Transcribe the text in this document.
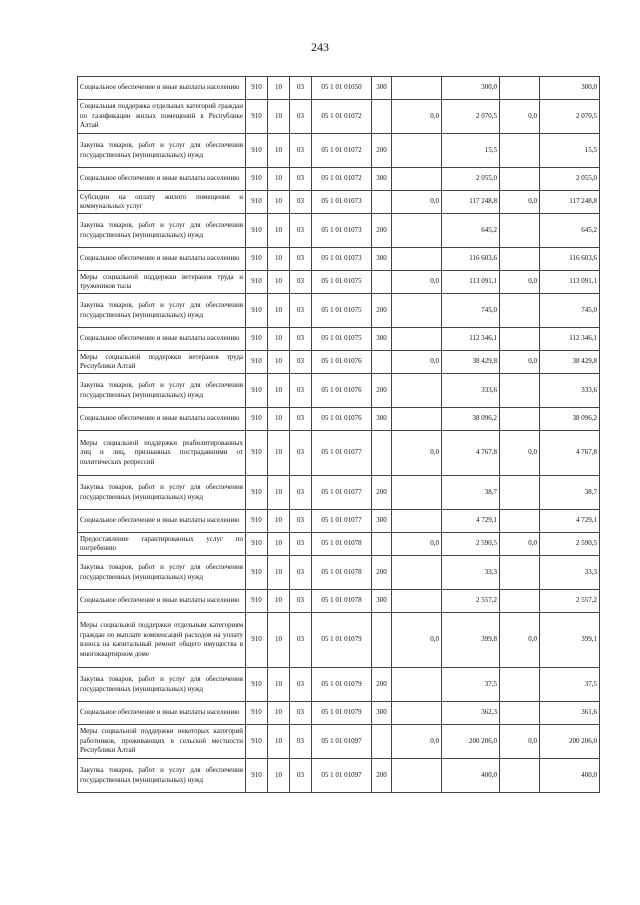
243
Социальное обеспечение и иные выплаты населению	910	10	03	05 1 01 01050	300		300,0		300,0
Социальная поддержка отдельных категорий граждан по газификации жилых помещений в Республике Алтай	910	10	03	05 1 01 01072		0,0	2 070,5	0,0	2 070,5
Закупка товаров, работ и услуг для обеспечения государственных (муниципальных) нужд	910	10	03	05 1 01 01072	200		15,5		15,5
Социальное обеспечение и иные выплаты населению	910	10	03	05 1 01 01072	300		2 055,0		2 055,0
Субсидии на оплату жилого помещения и коммунальных услуг	910	10	03	05 1 01 01073		0,0	117 248,8	0,0	117 248,8
Закупка товаров, работ и услуг для обеспечения государственных (муниципальных) нужд	910	10	03	05 1 01 01073	200		645,2		645,2
Социальное обеспечение и иные выплаты населению	910	10	03	05 1 01 01073	300		116 603,6		116 603,6
Меры социальной поддержки ветеранов труда и тружеников тыла	910	10	03	05 1 01 01075		0,0	113 091,1	0,0	113 091,1
Закупка товаров, работ и услуг для обеспечения государственных (муниципальных) нужд	910	10	03	05 1 01 01075	200		745,0		745,0
Социальное обеспечение и иные выплаты населению	910	10	03	05 1 01 01075	300		112 346,1		112 346,1
Меры социальной поддержки ветеранов труда Республики Алтай	910	10	03	05 1 01 01076		0,0	38 429,8	0,0	38 429,8
Закупка товаров, работ и услуг для обеспечения государственных (муниципальных) нужд	910	10	03	05 1 01 01076	200		333,6		333,6
Социальное обеспечение и иные выплаты населению	910	10	03	05 1 01 01076	300		38 096,2		38 096,2
Меры социальной поддержки реабилитированных лиц и лиц, признанных пострадавшими от политических репрессий	910	10	03	05 1 01 01077		0,0	4 767,8	0,0	4 767,8
Закупка товаров, работ и услуг для обеспечения государственных (муниципальных) нужд	910	10	03	05 1 01 01077	200		38,7		38,7
Социальное обеспечение и иные выплаты населению	910	10	03	05 1 01 01077	300		4 729,1		4 729,1
Предоставление гарантированных услуг по погребению	910	10	03	05 1 01 01078		0,0	2 590,5	0,0	2 590,5
Закупка товаров, работ и услуг для обеспечения государственных (муниципальных) нужд	910	10	03	05 1 01 01078	200		33,3		33,3
Социальное обеспечение и иные выплаты населению	910	10	03	05 1 01 01078	300		2 557,2		2 557,2
Меры социальной поддержки отдельным категориям граждан по выплате компенсаций расходов на уплату взноса на капитальный ремонт общего имущества в многоквартирном доме	910	10	03	05 1 01 01079		0,0	399,8	0,0	399,1
Закупка товаров, работ и услуг для обеспечения государственных (муниципальных) нужд	910	10	03	05 1 01 01079	200		37,5		37,5
Социальное обеспечение и иные выплаты населению	910	10	03	05 1 01 01079	300		362,3		361,6
Меры социальной поддержки некоторых категорий работников, проживающих в сельской местности Республики Алтай	910	10	03	05 1 01 01097		0,0	200 206,0	0,0	200 206,0
Закупка товаров, работ и услуг для обеспечения государственных (муниципальных) нужд	910	10	03	05 1 01 01097	200		400,0		400,0
